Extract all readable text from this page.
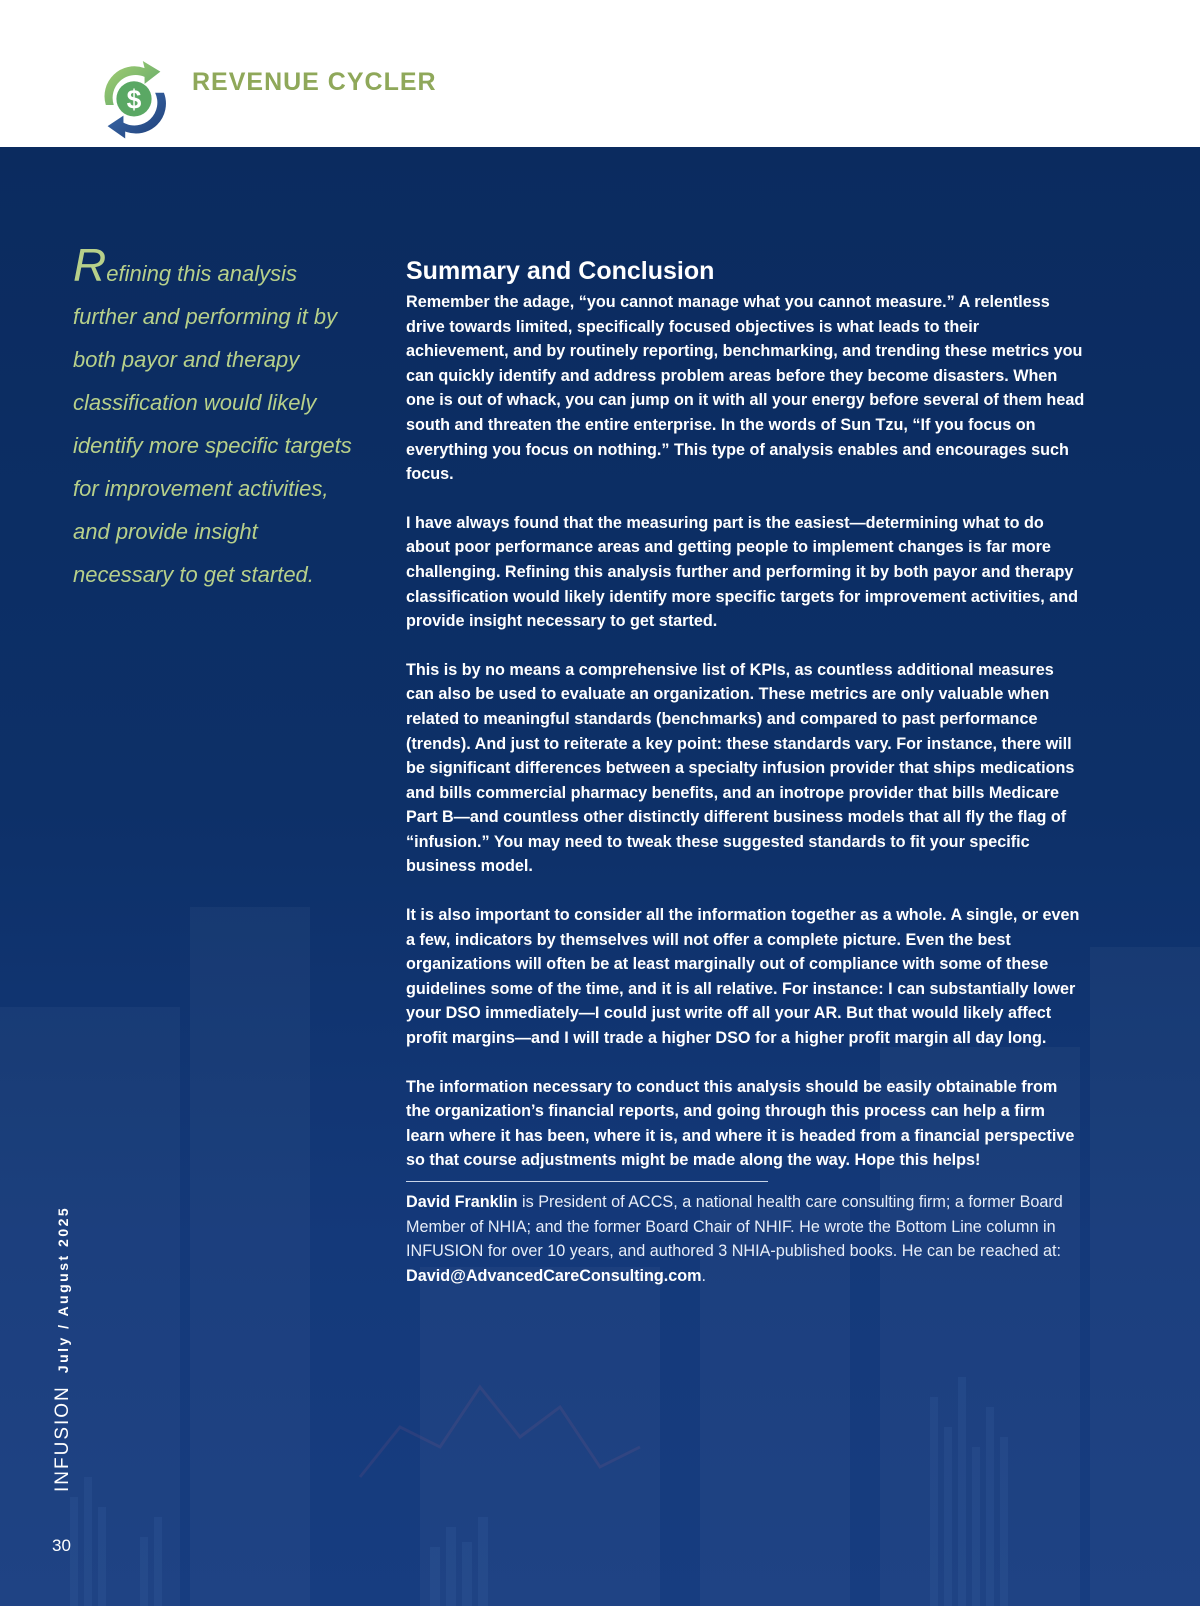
$
REVENUE CYCLER
Refining this analysis further and performing it by both payor and therapy classification would likely identify more specific targets for improvement activities, and provide insight necessary to get started.
Summary and Conclusion

Remember the adage, “you cannot manage what you cannot measure.” A relentless drive towards limited, specifically focused objectives is what leads to their achievement, and by routinely reporting, benchmarking, and trending these metrics you can quickly identify and address problem areas before they become disasters. When one is out of whack, you can jump on it with all your energy before several of them head south and threaten the entire enterprise. In the words of Sun Tzu, “If you focus on everything you focus on nothing.” This type of analysis enables and encourages such focus.

I have always found that the measuring part is the easiest—determining what to do about poor performance areas and getting people to implement changes is far more challenging. Refining this analysis further and performing it by both payor and therapy classification would likely identify more specific targets for improvement activities, and provide insight necessary to get started.

This is by no means a comprehensive list of KPIs, as countless additional measures can also be used to evaluate an organization. These metrics are only valuable when related to meaningful standards (benchmarks) and compared to past performance (trends). And just to reiterate a key point: these standards vary. For instance, there will be significant differences between a specialty infusion provider that ships medications and bills commercial pharmacy benefits, and an inotrope provider that bills Medicare Part B—and countless other distinctly different business models that all fly the flag of “infusion.” You may need to tweak these suggested standards to fit your specific business model.

It is also important to consider all the information together as a whole. A single, or even a few, indicators by themselves will not offer a complete picture. Even the best organizations will often be at least marginally out of compliance with some of these guidelines some of the time, and it is all relative. For instance: I can substantially lower your DSO immediately—I could just write off all your AR. But that would likely affect profit margins—and I will trade a higher DSO for a higher profit margin all day long.

The information necessary to conduct this analysis should be easily obtainable from the organization’s financial reports, and going through this process can help a firm learn where it has been, where it is, and where it is headed from a financial perspective so that course adjustments might be made along the way. Hope this helps!

David Franklin is President of ACCS, a national health care consulting firm; a former Board Member of NHIA; and the former Board Chair of NHIF. He wrote the Bottom Line column in INFUSION for over 10 years, and authored 3 NHIA-published books. He can be reached at: David@AdvancedCareConsulting.com.
INFUSIONJuly / August 2025
30
